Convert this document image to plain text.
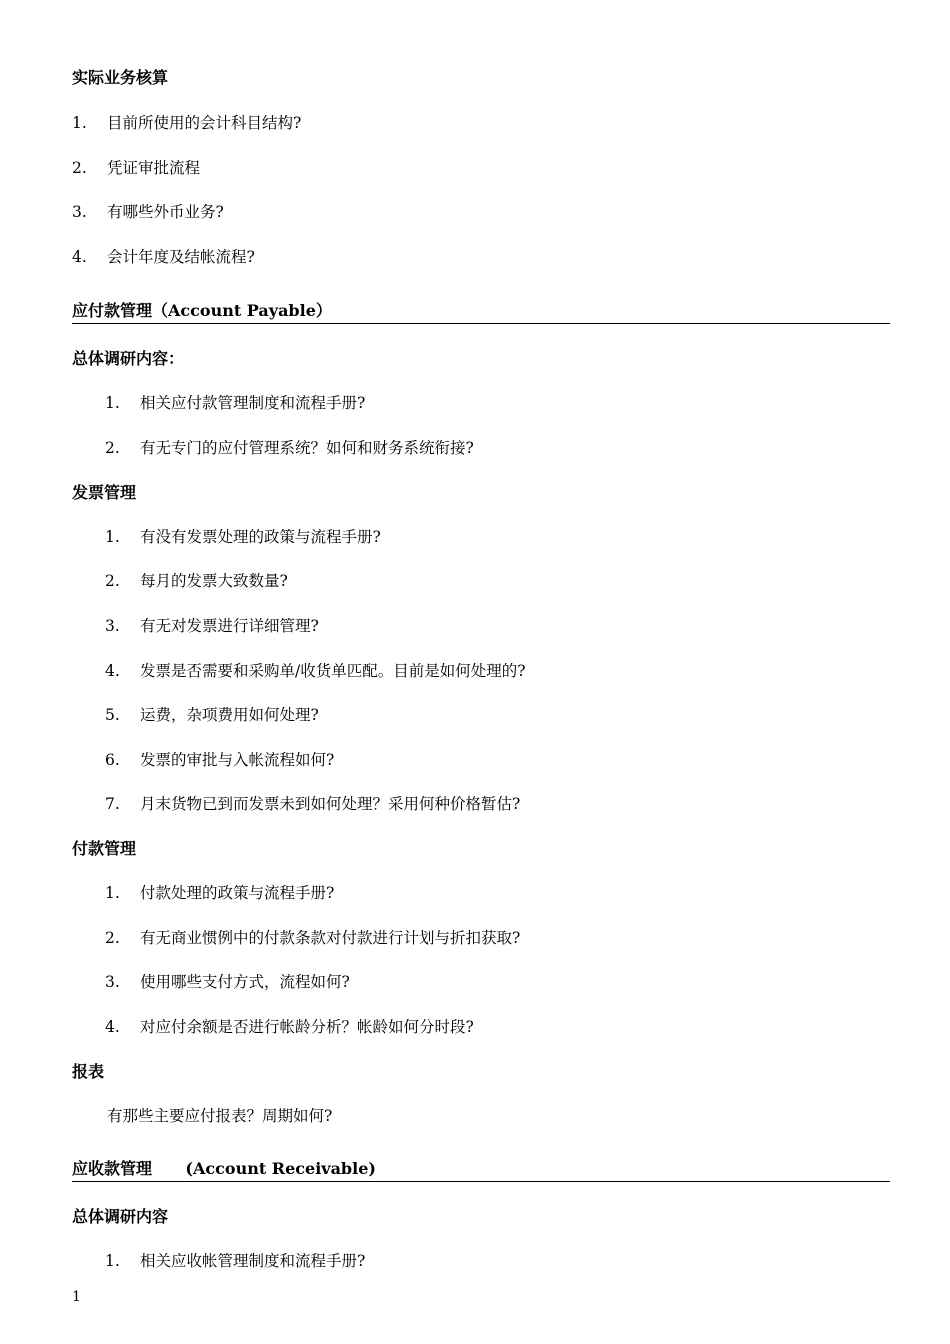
实际业务核算
1. 目前所使用的会计科目结构?
2. 凭证审批流程
3. 有哪些外币业务?
4. 会计年度及结帐流程?
应付款管理（Account Payable）
总体调研内容：
1. 相关应付款管理制度和流程手册?
2. 有无专门的应付管理系统？如何和财务系统衔接?
发票管理
1. 有没有发票处理的政策与流程手册?
2. 每月的发票大致数量?
3. 有无对发票进行详细管理?
4. 发票是否需要和采购单/收货单匹配。目前是如何处理的?
5. 运费，杂项费用如何处理?
6. 发票的审批与入帐流程如何?
7. 月末货物已到而发票未到如何处理？采用何种价格暂估?
付款管理
1. 付款处理的政策与流程手册?
2. 有无商业惯例中的付款条款对付款进行计划与折扣获取?
3. 使用哪些支付方式，流程如何?
4. 对应付余额是否进行帐龄分析？帐龄如何分时段?
报表
有那些主要应付报表？周期如何?
应收款管理      (Account Receivable)
总体调研内容
1. 相关应收帐管理制度和流程手册?
1
